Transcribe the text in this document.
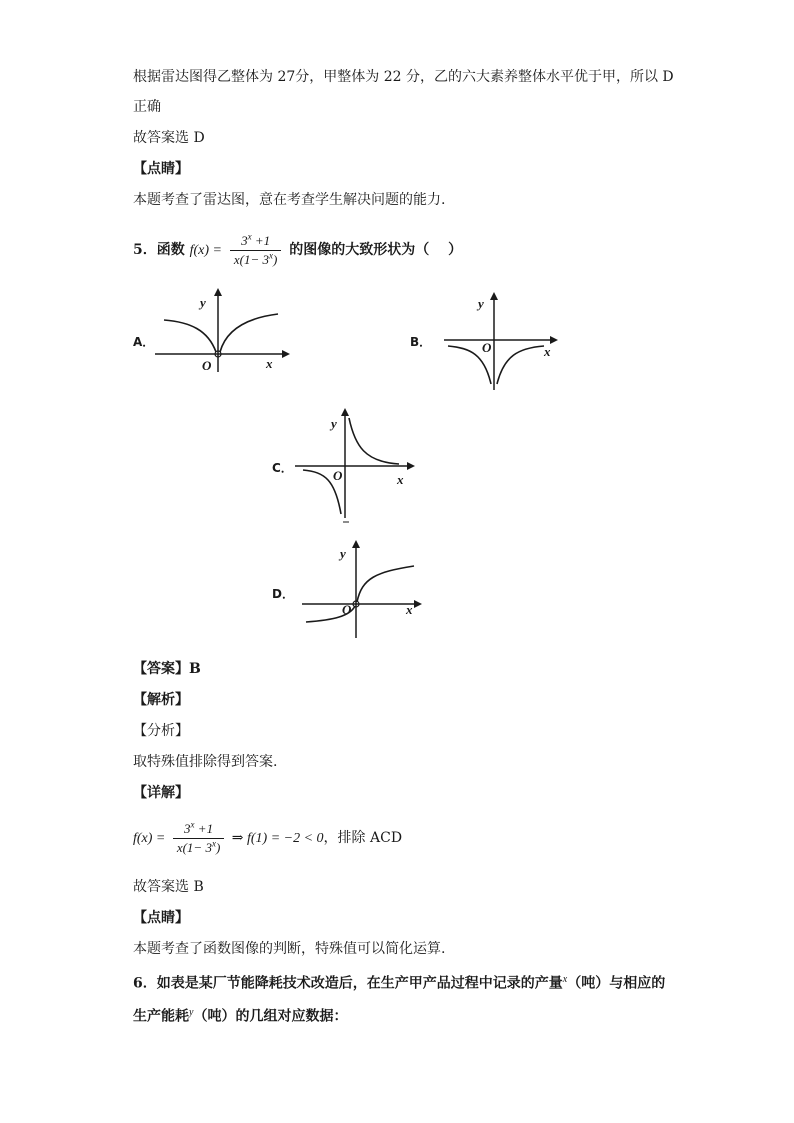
根据雷达图得乙整体为 27分，甲整体为 22 分，乙的六大素养整体水平优于甲，所以 D
正确
故答案选 D
【点睛】
本题考查了雷达图，意在考查学生解决问题的能力.
5．函数 $f(x) = \frac{3^x +1}{x(1- 3^x)}$ 的图像的大致形状为（　 ）
A．
y
x
O
B．
y
x
O
C．
y
x
O
D．
y
x
O
【答案】B
【解析】
【分析】
取特殊值排除得到答案.
【详解】
$f(x) = \frac{3^x +1}{x(1- 3^x)}$ ⇒ f(1) = −2 < 0，排除 ACD
故答案选 B
【点睛】
本题考查了函数图像的判断，特殊值可以简化运算.
6．如表是某厂节能降耗技术改造后，在生产甲产品过程中记录的产量$^x$（吨）与相应的
生产能耗$^y$（吨）的几组对应数据：
